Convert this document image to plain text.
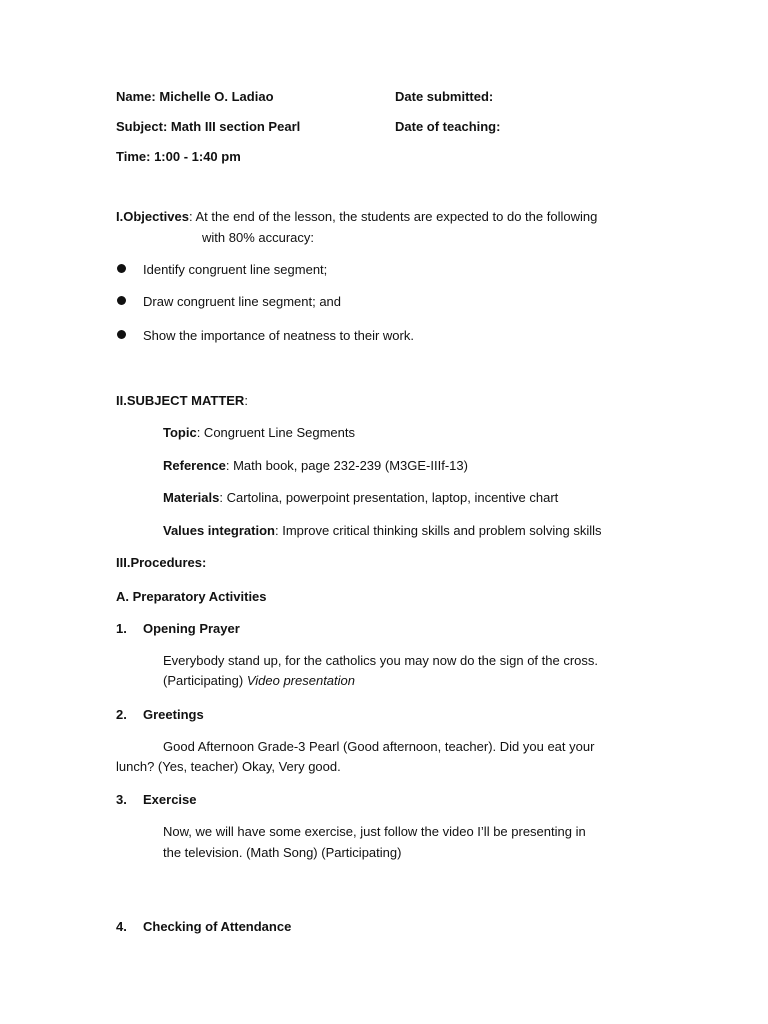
Name: Michelle O. Ladiao	Date submitted:
Subject: Math III section Pearl	Date of teaching:
Time: 1:00 - 1:40 pm
I.Objectives: At the end of the lesson, the students are expected to do the following
with 80% accuracy:
Identify congruent line segment;
Draw congruent line segment; and
Show the importance of neatness to their work.
II.SUBJECT MATTER:
Topic: Congruent Line Segments
Reference: Math book, page 232-239 (M3GE-IIIf-13)
Materials: Cartolina, powerpoint presentation, laptop, incentive chart
Values integration: Improve critical thinking skills and problem solving skills
III.Procedures:
A. Preparatory Activities
1. Opening Prayer
Everybody stand up, for the catholics you may now do the sign of the cross.
(Participating) Video presentation
2. Greetings
Good Afternoon Grade-3 Pearl (Good afternoon, teacher). Did you eat your
lunch? (Yes, teacher) Okay, Very good.
3. Exercise
Now, we will have some exercise, just follow the video I’ll be presenting in
the television. (Math Song) (Participating)
4. Checking of Attendance
